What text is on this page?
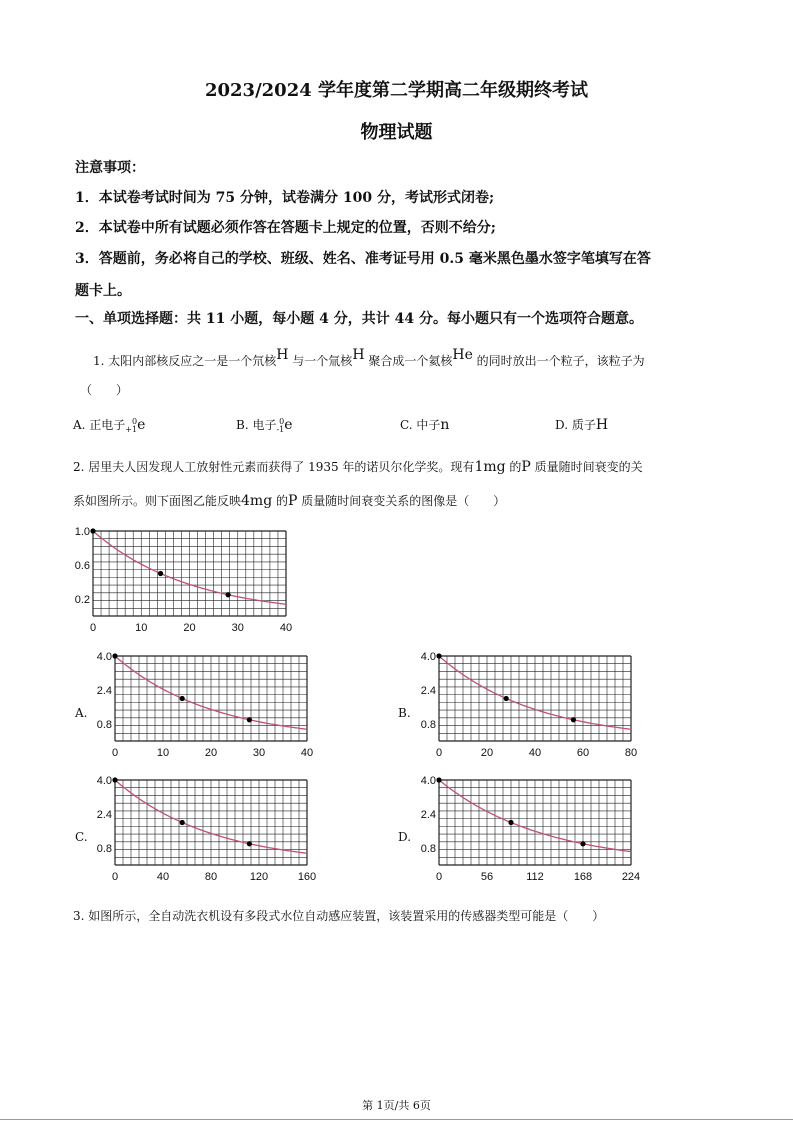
2023/2024 学年度第二学期高二年级期终考试
物理试题
注意事项：
1．本试卷考试时间为 75 分钟，试卷满分 100 分，考试形式闭卷;
2．本试卷中所有试题必须作答在答题卡上规定的位置，否则不给分;
3．答题前，务必将自己的学校、班级、姓名、准考证号用 0.5 毫米黑色墨水签字笔填写在答
题卡上。
一、单项选择题：共 11 小题，每小题 4 分，共计 44 分。每小题只有一个选项符合题意。
1. 太阳内部核反应之一是一个氘核H 与一个氚核H 聚合成一个氦核He 的同时放出一个粒子，该粒子为
（　　）
A. 正电子 0
+1 e	B. 电子 0
-1 e	C. 中子n	D. 质子H
2. 居里夫人因发现人工放射性元素而获得了 1935 年的诺贝尔化学奖。现有1mg 的P 质量随时间衰变的关
系如图所示。则下面图乙能反映4mg 的P 质量随时间衰变关系的图像是（　　）
0	10	20	30	40
1.0
0.6
0.2
0	10	20	30	40
4.0
2.4
0.8
0	20	40	60	80
4.0
2.4
0.8
0	40	80	120	160
4.0
2.4
0.8
0	56	112	168	224
4.0
2.4
0.8
A.	B.
C.	D.
3. 如图所示，全自动洗衣机设有多段式水位自动感应装置，该装置采用的传感器类型可能是（　　）
第 1页/共 6页
